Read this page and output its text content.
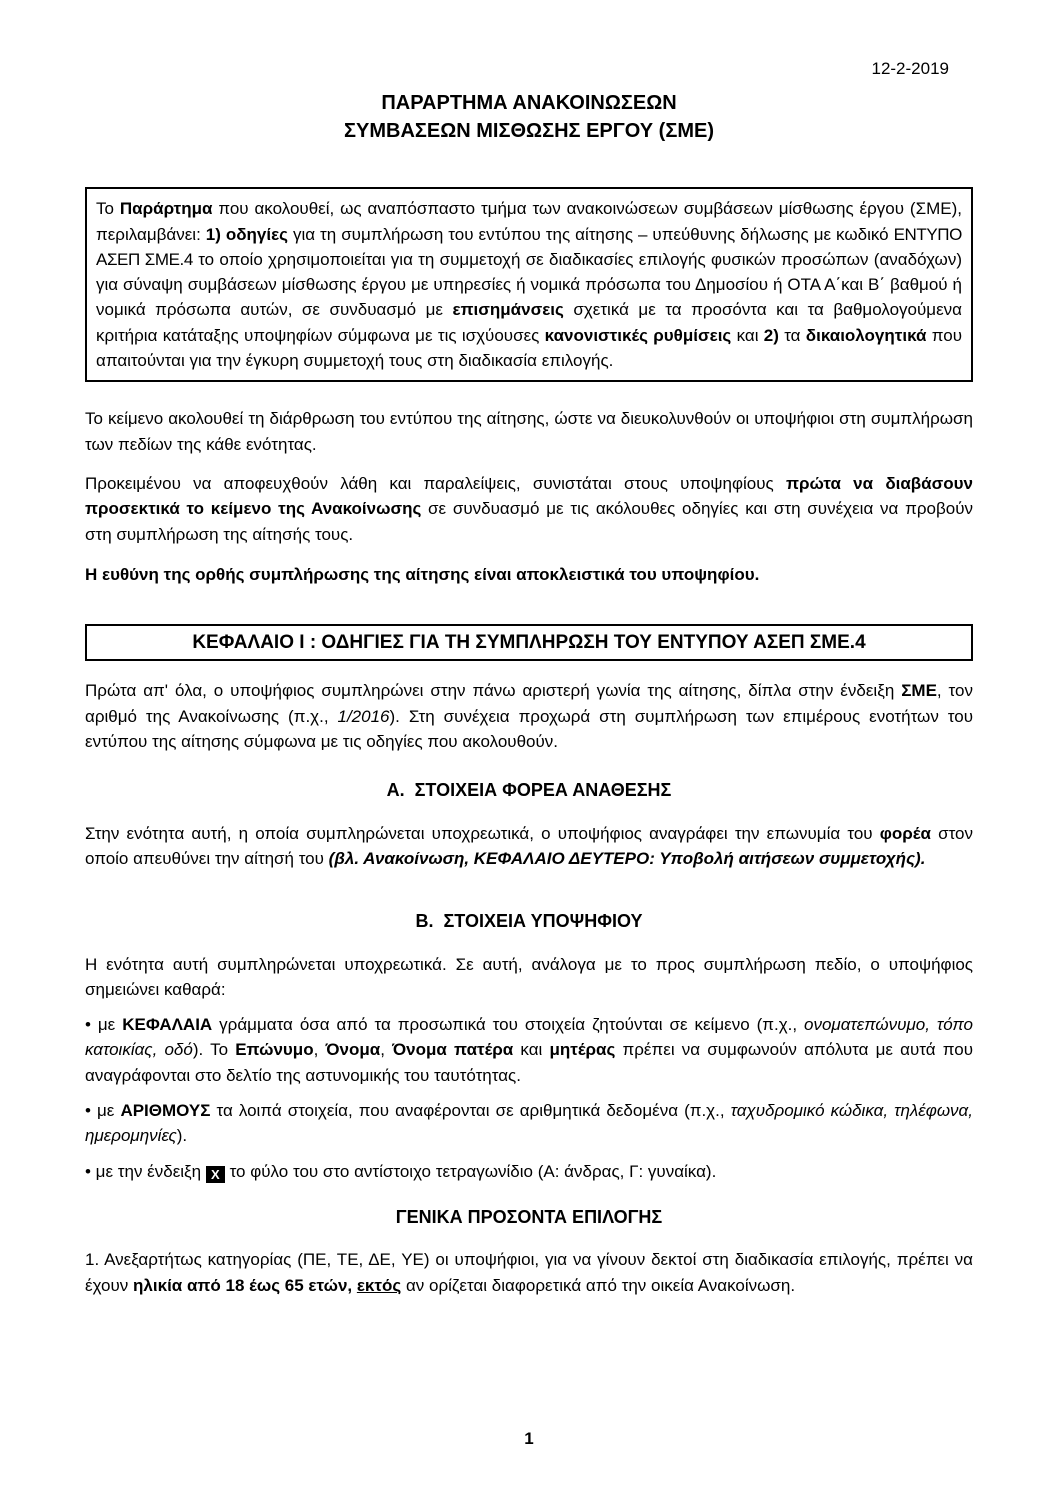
12-2-2019
ΠΑΡΑΡΤΗΜΑ ΑΝΑΚΟΙΝΩΣΕΩΝ
ΣΥΜΒΑΣΕΩΝ ΜΙΣΘΩΣΗΣ ΕΡΓΟΥ (ΣΜΕ)
Το Παράρτημα που ακολουθεί, ως αναπόσπαστο τμήμα των ανακοινώσεων συμβάσεων μίσθωσης έργου (ΣΜΕ), περιλαμβάνει: 1) οδηγίες για τη συμπλήρωση του εντύπου της αίτησης – υπεύθυνης δήλωσης με κωδικό ΕΝΤΥΠΟ ΑΣΕΠ ΣΜΕ.4 το οποίο χρησιμοποιείται για τη συμμετοχή σε διαδικασίες επιλογής φυσικών προσώπων (αναδόχων) για σύναψη συμβάσεων μίσθωσης έργου με υπηρεσίες ή νομικά πρόσωπα του Δημοσίου ή ΟΤΑ Α΄και Β΄ βαθμού ή νομικά πρόσωπα αυτών, σε συνδυασμό με επισημάνσεις σχετικά με τα προσόντα και τα βαθμολογούμενα κριτήρια κατάταξης υποψηφίων σύμφωνα με τις ισχύουσες κανονιστικές ρυθμίσεις και 2) τα δικαιολογητικά που απαιτούνται για την έγκυρη συμμετοχή τους στη διαδικασία επιλογής.

Το κείμενο ακολουθεί τη διάρθρωση του εντύπου της αίτησης, ώστε να διευκολυνθούν οι υποψήφιοι στη συμπλήρωση των πεδίων της κάθε ενότητας.

Προκειμένου να αποφευχθούν λάθη και παραλείψεις, συνιστάται στους υποψηφίους πρώτα να διαβάσουν προσεκτικά το κείμενο της Ανακοίνωσης σε συνδυασμό με τις ακόλουθες οδηγίες και στη συνέχεια να προβούν στη συμπλήρωση της αίτησής τους.

Η ευθύνη της ορθής συμπλήρωσης της αίτησης είναι αποκλειστικά του υποψηφίου.

ΚΕΦΑΛΑΙΟ Ι : ΟΔΗΓΙΕΣ ΓΙΑ ΤΗ ΣΥΜΠΛΗΡΩΣΗ ΤΟΥ ΕΝΤΥΠΟΥ ΑΣΕΠ ΣΜΕ.4

Πρώτα απ' όλα, ο υποψήφιος συμπληρώνει στην πάνω αριστερή γωνία της αίτησης, δίπλα στην ένδειξη ΣΜΕ, τον αριθμό της Ανακοίνωσης (π.χ., 1/2016). Στη συνέχεια προχωρά στη συμπλήρωση των επιμέρους ενοτήτων του εντύπου της αίτησης σύμφωνα με τις οδηγίες που ακολουθούν.

Α.  ΣΤΟΙΧΕΙΑ ΦΟΡΕΑ ΑΝΑΘΕΣΗΣ

Στην ενότητα αυτή, η οποία συμπληρώνεται υποχρεωτικά, ο υποψήφιος αναγράφει την επωνυμία του φορέα στον οποίο απευθύνει την αίτησή του (βλ. Ανακοίνωση, ΚΕΦΑΛΑΙΟ ΔΕΥΤΕΡΟ: Υποβολή αιτήσεων συμμετοχής).

Β.  ΣΤΟΙΧΕΙΑ ΥΠΟΨΗΦΙΟΥ

Η ενότητα αυτή συμπληρώνεται υποχρεωτικά. Σε αυτή, ανάλογα με το προς συμπλήρωση πεδίο, ο υποψήφιος σημειώνει καθαρά:

• με ΚΕΦΑΛΑΙΑ γράμματα όσα από τα προσωπικά του στοιχεία ζητούνται σε κείμενο (π.χ., ονοματεπώνυμο, τόπο κατοικίας, οδό). Το Επώνυμο, Όνομα, Όνομα πατέρα και μητέρας πρέπει να συμφωνούν απόλυτα με αυτά που αναγράφονται στο δελτίο της αστυνομικής του ταυτότητας.

• με ΑΡΙΘΜΟΥΣ τα λοιπά στοιχεία, που αναφέρονται σε αριθμητικά δεδομένα (π.χ., ταχυδρομικό κώδικα, τηλέφωνα, ημερομηνίες).

• με την ένδειξη X το φύλο του στο αντίστοιχο τετραγωνίδιο (Α: άνδρας, Γ: γυναίκα).

ΓΕΝΙΚΑ ΠΡΟΣΟΝΤΑ ΕΠΙΛΟΓΗΣ

1. Ανεξαρτήτως κατηγορίας (ΠΕ, ΤΕ, ΔΕ, ΥΕ) οι υποψήφιοι, για να γίνουν δεκτοί στη διαδικασία επιλογής, πρέπει να έχουν ηλικία από 18 έως 65 ετών, εκτός αν ορίζεται διαφορετικά από την οικεία Ανακοίνωση.

1
